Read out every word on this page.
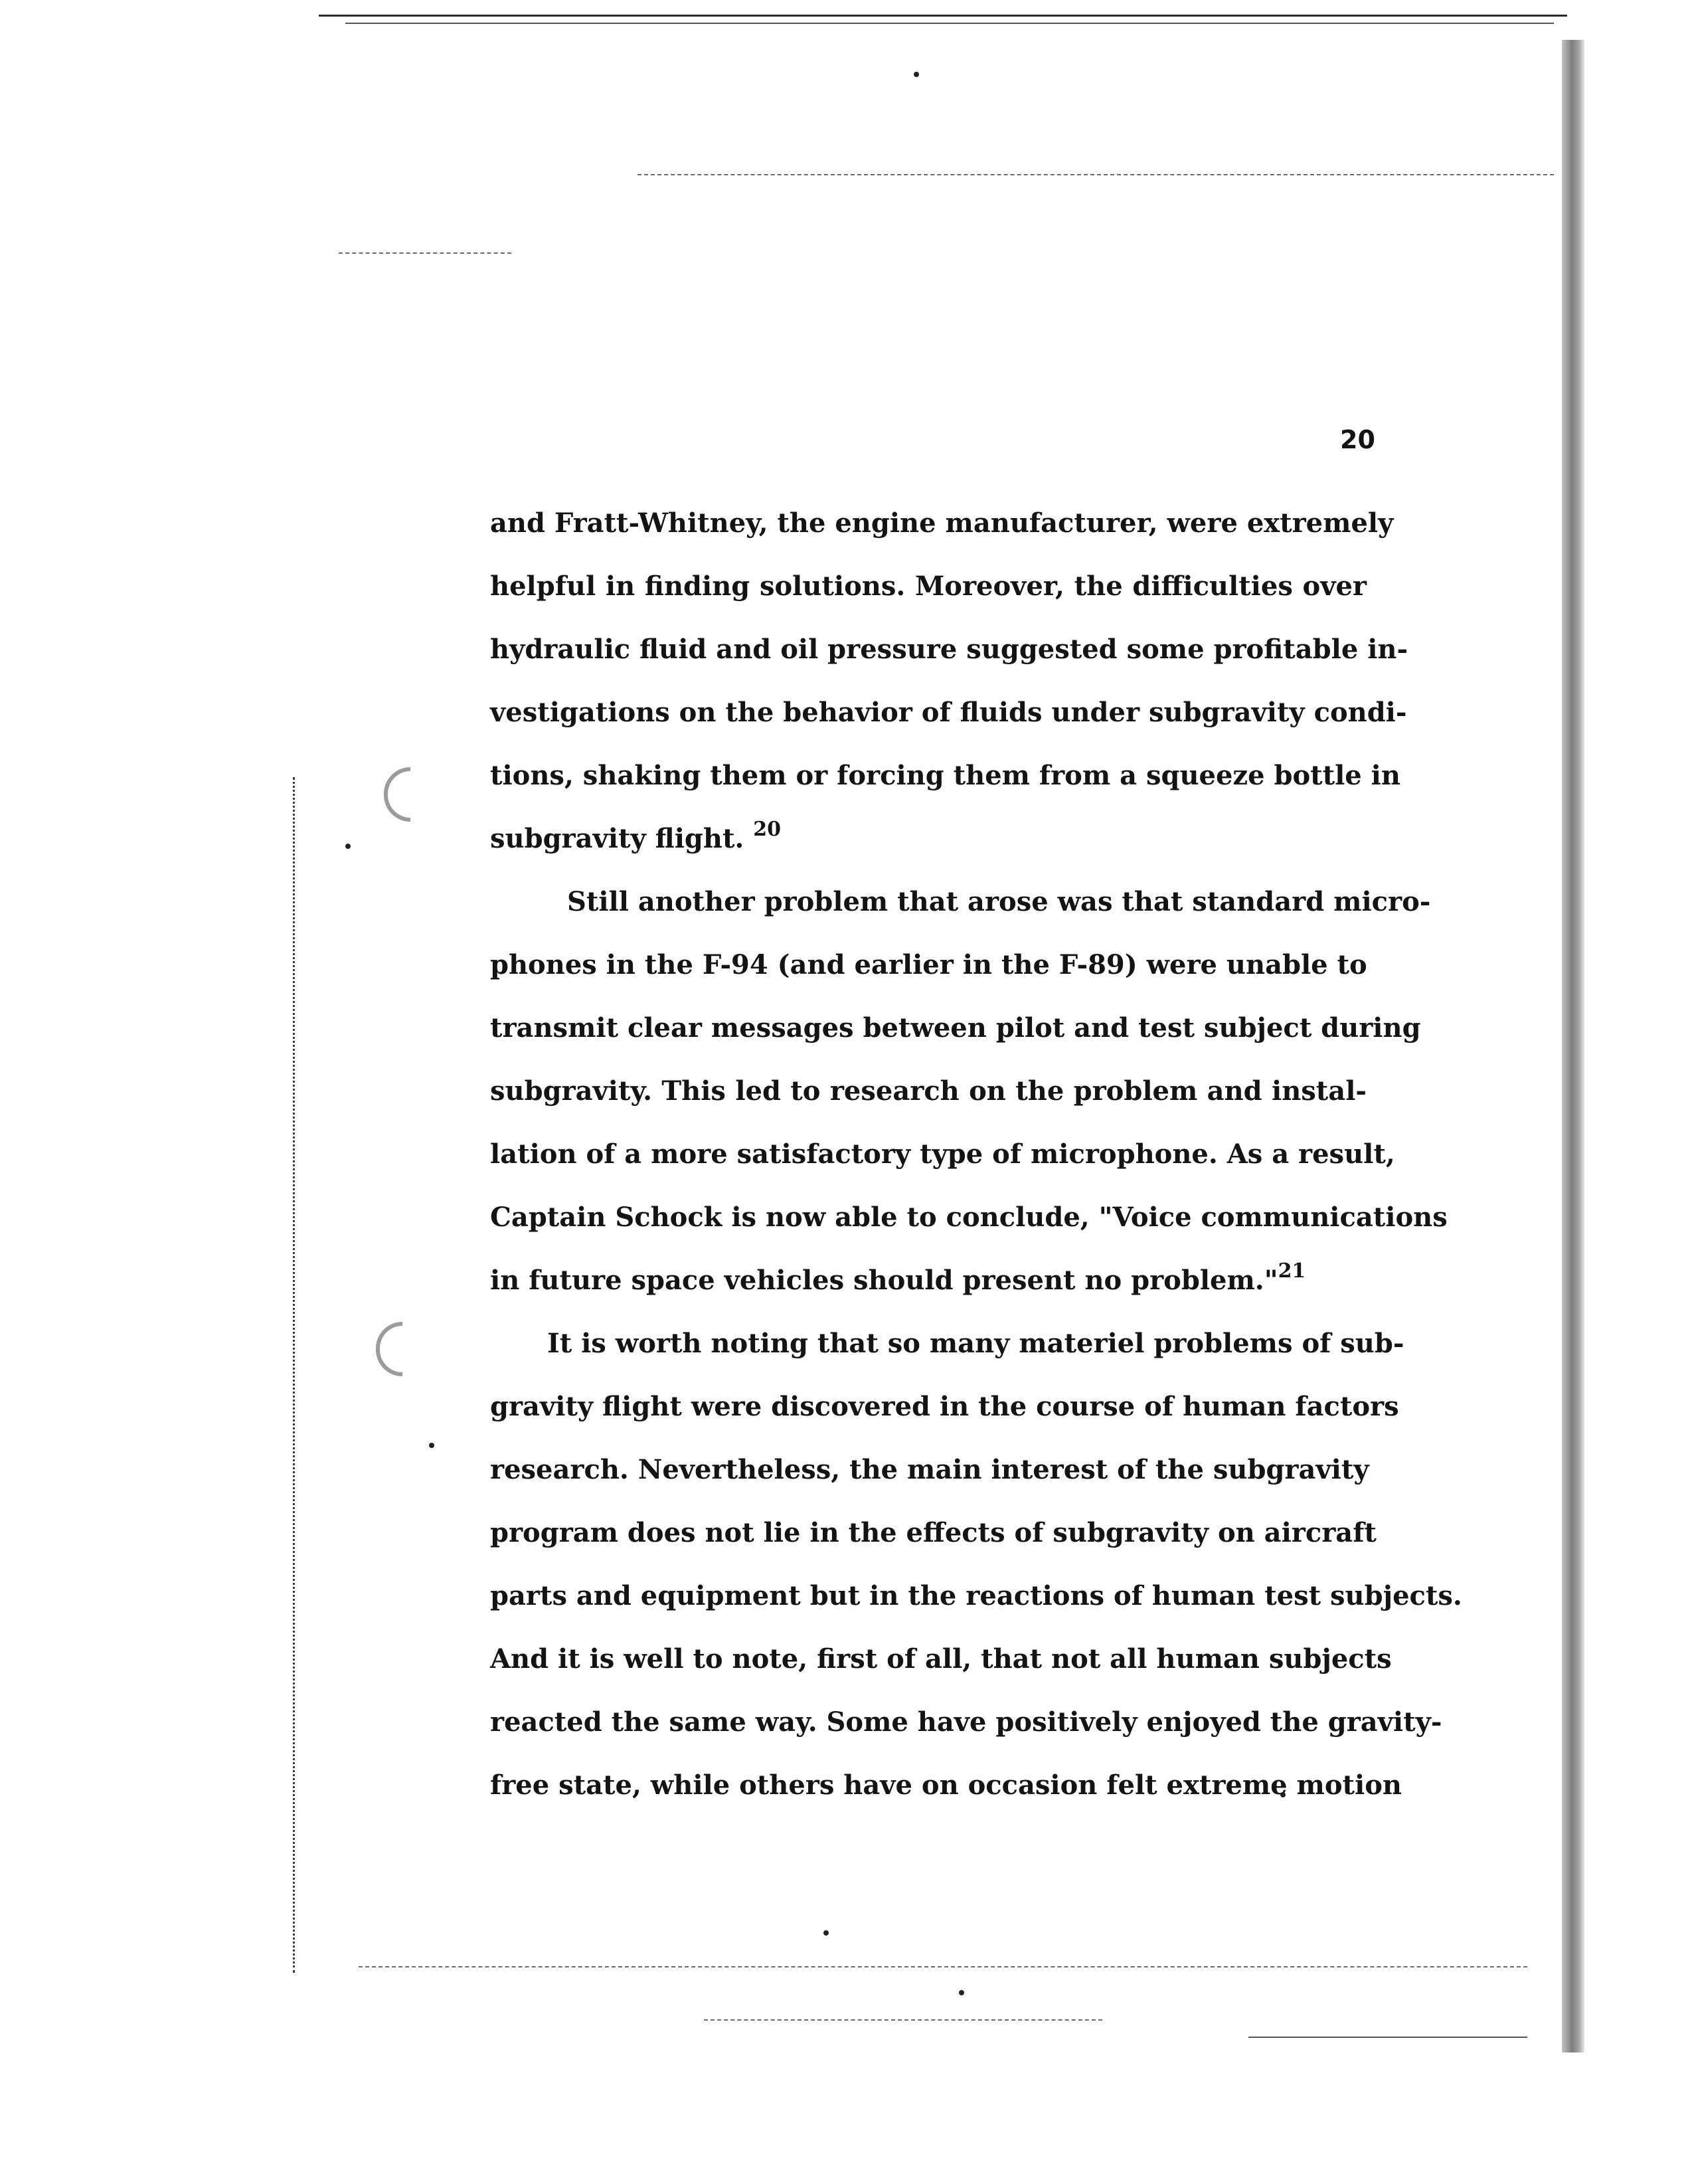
20
and Fratt-Whitney, the engine manufacturer, were extremely
helpful in finding solutions. Moreover, the difficulties over
hydraulic fluid and oil pressure suggested some profitable in-
vestigations on the behavior of fluids under subgravity condi-
tions, shaking them or forcing them from a squeeze bottle in
subgravity flight. $^{20}$
Still another problem that arose was that standard micro-
phones in the F-94 (and earlier in the F-89) were unable to
transmit clear messages between pilot and test subject during
subgravity. This led to research on the problem and instal-
lation of a more satisfactory type of microphone. As a result,
Captain Schock is now able to conclude, "Voice communications
in future space vehicles should present no problem."$^{21}$
It is worth noting that so many materiel problems of sub-
gravity flight were discovered in the course of human factors
research. Nevertheless, the main interest of the subgravity
program does not lie in the effects of subgravity on aircraft
parts and equipment but in the reactions of human test subjects.
And it is well to note, first of all, that not all human subjects
reacted the same way. Some have positively enjoyed the gravity-
free state, while others have on occasion felt extreme motion
